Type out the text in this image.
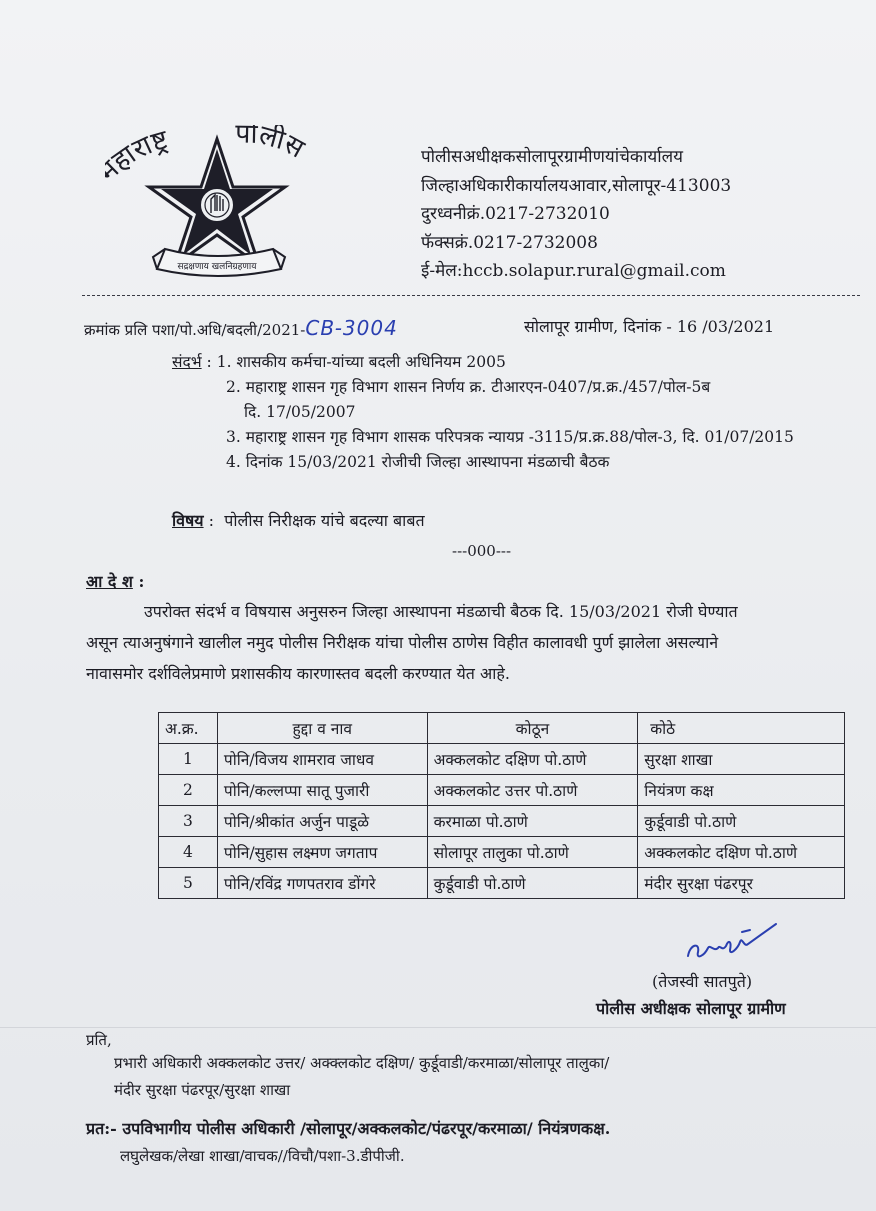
हाराष्ट्र पोलीस
सद्रक्षणाय खलनिग्रहणाय
पोलीसअधीक्षकसोलापूरग्रामीणयांचेकार्यालय
जिल्हाअधिकारीकार्यालयआवार,सोलापूर-413003
दुरध्वनीक्रं.0217-2732010
फॅक्सक्रं.0217-2732008
ई-मेल:hccb.solapur.rural@gmail.com
क्रमांक प्रलि पशा/पो.अधि/बदली/2021-CB-3004	सोलापूर ग्रामीण, दिनांक - 16 /03/2021
संदर्भ : 1. शासकीय कर्मचा-यांच्या बदली अधिनियम 2005
2. महाराष्ट्र शासन गृह विभाग शासन निर्णय क्र. टीआरएन-0407/प्र.क्र./457/पोल-5ब
दि. 17/05/2007
3. महाराष्ट्र शासन गृह विभाग शासक परिपत्रक न्यायप्र -3115/प्र.क्र.88/पोल-3, दि. 01/07/2015
4. दिनांक 15/03/2021 रोजीची जिल्हा आस्थापना मंडळाची बैठक
विषय : पोलीस निरीक्षक यांचे बदल्या बाबत
---000---
आ दे श :
उपरोक्त संदर्भ व विषयास अनुसरुन जिल्हा आस्थापना मंडळाची बैठक दि. 15/03/2021 रोजी घेण्यात
असून त्याअनुषंगाने खालील नमुद पोलीस निरीक्षक यांचा पोलीस ठाणेस विहीत कालावधी पुर्ण झालेला असल्याने
नावासमोर दर्शविलेप्रमाणे प्रशासकीय कारणास्तव बदली करण्यात येत आहे.
अ.क्र.	हुद्दा व नाव	कोठून	कोठे
1	पोनि/विजय शामराव जाधव	अक्कलकोट दक्षिण पो.ठाणे	सुरक्षा शाखा
2	पोनि/कल्लप्पा सातू पुजारी	अक्कलकोट उत्तर पो.ठाणे	नियंत्रण कक्ष
3	पोनि/श्रीकांत अर्जुन पाडूळे	करमाळा पो.ठाणे	कुर्डूवाडी पो.ठाणे
4	पोनि/सुहास लक्ष्मण जगताप	सोलापूर तालुका पो.ठाणे	अक्कलकोट दक्षिण पो.ठाणे
5	पोनि/रविंद्र गणपतराव डोंगरे	कुर्डूवाडी पो.ठाणे	मंदीर सुरक्षा पंढरपूर
(तेजस्वी सातपुते)
पोलीस अधीक्षक सोलापूर ग्रामीण
प्रति,
प्रभारी अधिकारी अक्कलकोट उत्तर/ अक्क्लकोट दक्षिण/ कुर्डूवाडी/करमाळा/सोलापूर तालुका/
मंदीर सुरक्षा पंढरपूर/सुरक्षा शाखा
प्रत:- उपविभागीय पोलीस अधिकारी /सोलापूर/अक्कलकोट/पंढरपूर/करमाळा/ नियंत्रणकक्ष.
लघुलेखक/लेखा शाखा/वाचक//विचौ/पशा-3.डीपीजी.
